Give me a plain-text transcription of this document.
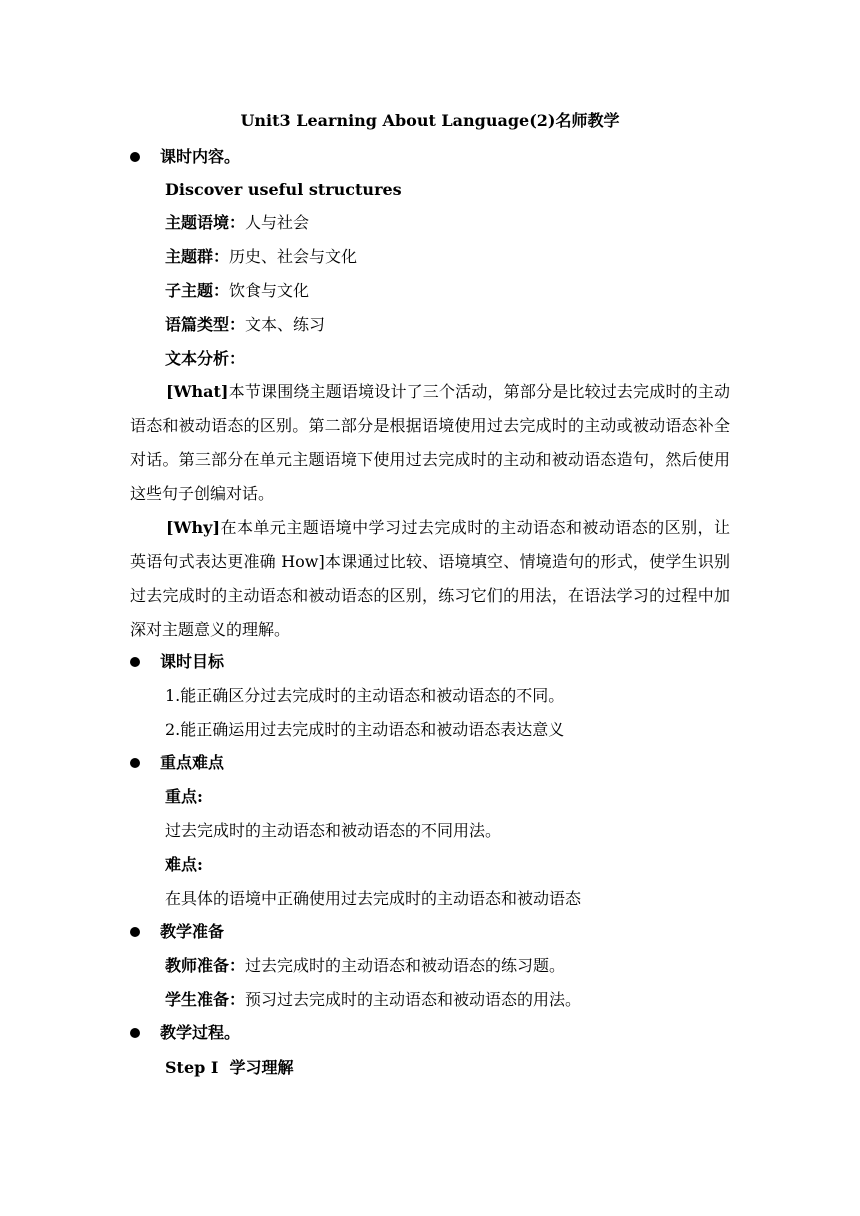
Unit3 Learning About Language(2)名师教学
课时内容。
Discover useful structures
主题语境：人与社会
主题群：历史、社会与文化
子主题：饮食与文化
语篇类型：文本、练习
文本分析：
[What]本节课围绕主题语境设计了三个活动，第部分是比较过去完成时的主动语态和被动语态的区别。第二部分是根据语境使用过去完成时的主动或被动语态补全对话。第三部分在单元主题语境下使用过去完成时的主动和被动语态造句，然后使用这些句子创编对话。
[Why]在本单元主题语境中学习过去完成时的主动语态和被动语态的区别，让英语句式表达更准确 How]本课通过比较、语境填空、情境造句的形式，使学生识别过去完成时的主动语态和被动语态的区别，练习它们的用法，在语法学习的过程中加深对主题意义的理解。
课时目标
1.能正确区分过去完成时的主动语态和被动语态的不同。
2.能正确运用过去完成时的主动语态和被动语态表达意义
重点难点
重点:
过去完成时的主动语态和被动语态的不同用法。
难点:
在具体的语境中正确使用过去完成时的主动语态和被动语态
教学准备
教师准备：过去完成时的主动语态和被动语态的练习题。
学生准备：预习过去完成时的主动语态和被动语态的用法。
教学过程。
Step I  学习理解
